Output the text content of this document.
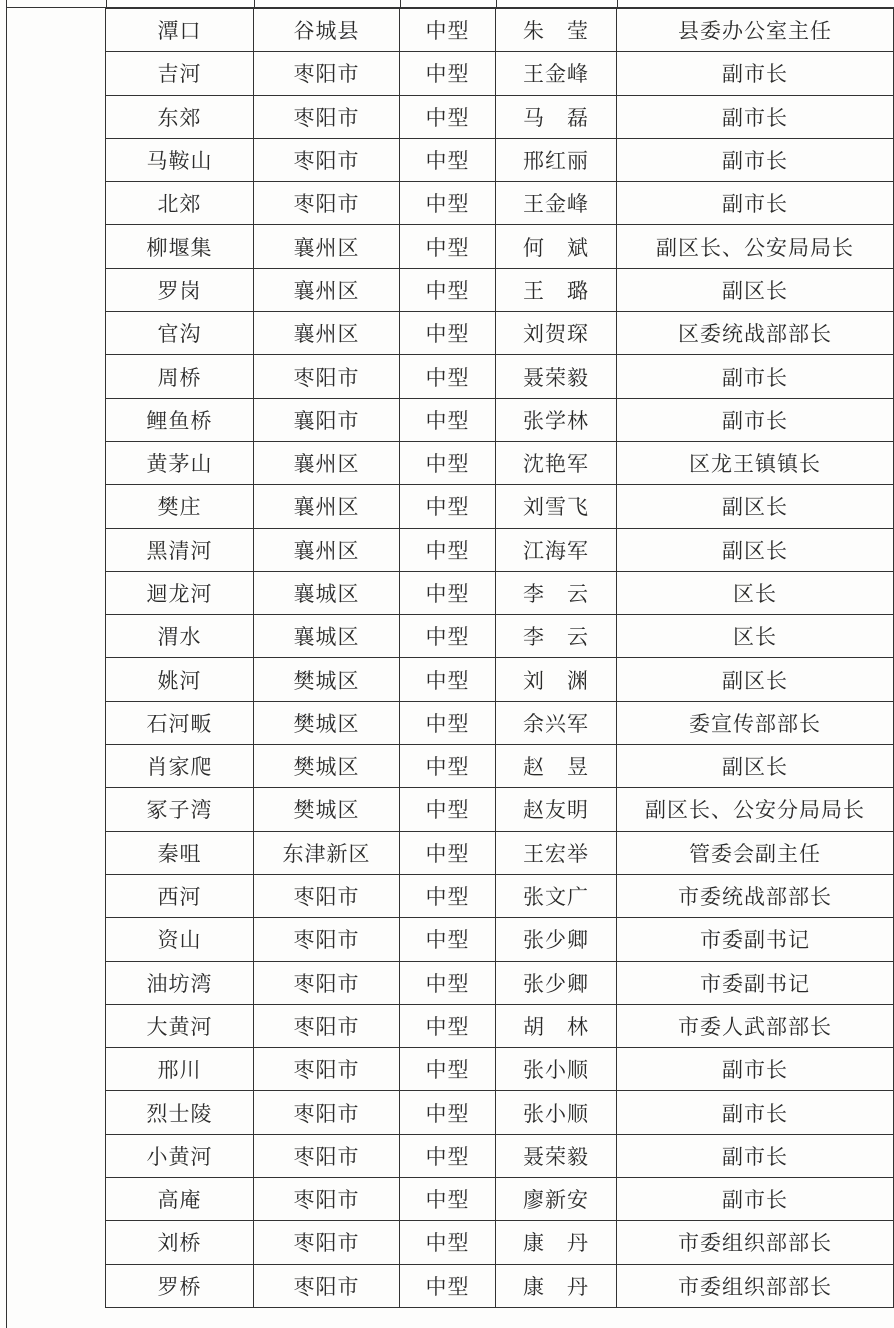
潭口	谷城县	中型	朱　莹	县委办公室主任
吉河	枣阳市	中型	王金峰	副市长
东郊	枣阳市	中型	马　磊	副市长
马鞍山	枣阳市	中型	邢红丽	副市长
北郊	枣阳市	中型	王金峰	副市长
柳堰集	襄州区	中型	何　斌	副区长、公安局局长
罗岗	襄州区	中型	王　璐	副区长
官沟	襄州区	中型	刘贺琛	区委统战部部长
周桥	枣阳市	中型	聂荣毅	副市长
鲤鱼桥	襄阳市	中型	张学林	副市长
黄茅山	襄州区	中型	沈艳军	区龙王镇镇长
樊庄	襄州区	中型	刘雪飞	副区长
黑清河	襄州区	中型	江海军	副区长
迴龙河	襄城区	中型	李　云	区长
渭水	襄城区	中型	李　云	区长
姚河	樊城区	中型	刘　渊	副区长
石河畈	樊城区	中型	余兴军	委宣传部部长
肖家爬	樊城区	中型	赵　昱	副区长
冢子湾	樊城区	中型	赵友明	副区长、公安分局局长
秦咀	东津新区	中型	王宏举	管委会副主任
西河	枣阳市	中型	张文广	市委统战部部长
资山	枣阳市	中型	张少卿	市委副书记
油坊湾	枣阳市	中型	张少卿	市委副书记
大黄河	枣阳市	中型	胡　林	市委人武部部长
邢川	枣阳市	中型	张小顺	副市长
烈士陵	枣阳市	中型	张小顺	副市长
小黄河	枣阳市	中型	聂荣毅	副市长
高庵	枣阳市	中型	廖新安	副市长
刘桥	枣阳市	中型	康　丹	市委组织部部长
罗桥	枣阳市	中型	康　丹	市委组织部部长
